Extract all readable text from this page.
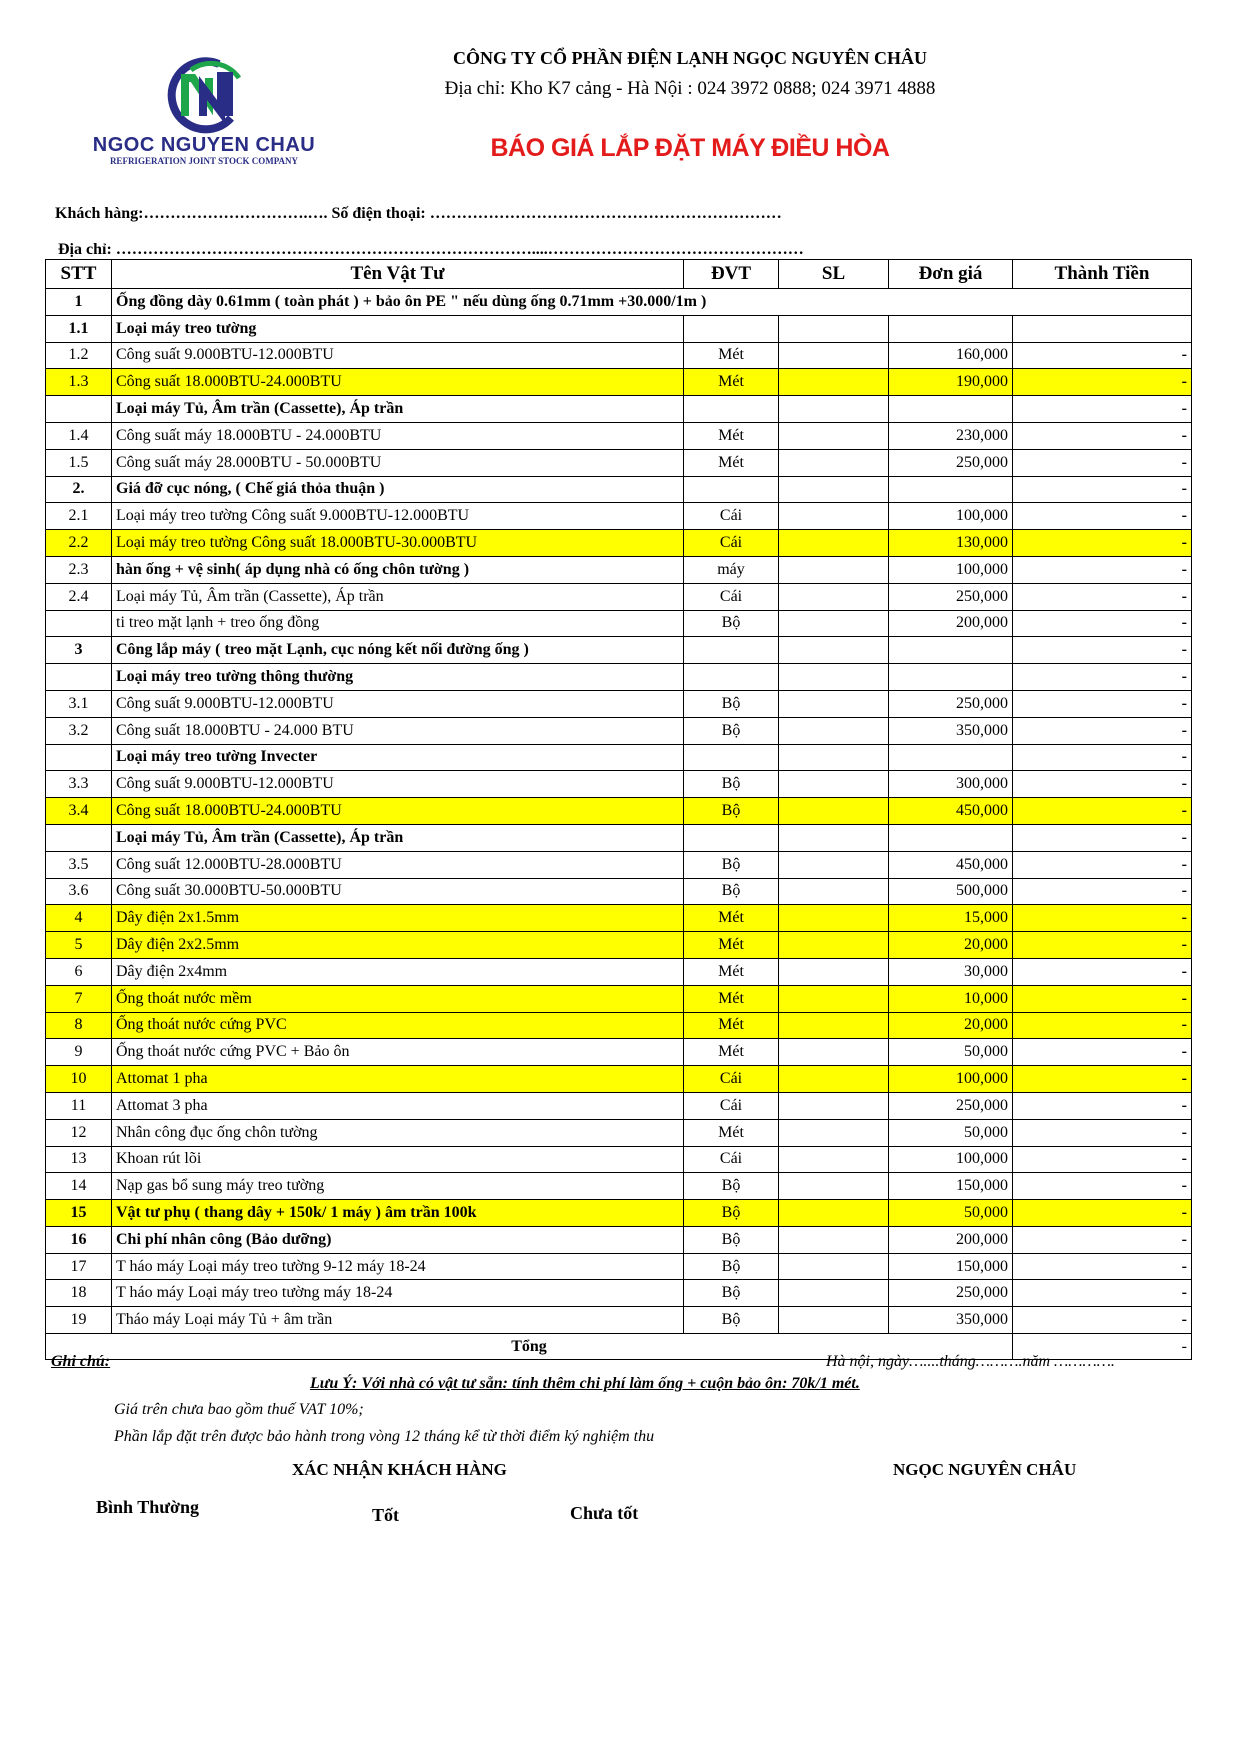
NGOC NGUYEN CHAU
REFRIGERATION JOINT STOCK COMPANY
CÔNG TY CỔ PHẦN ĐIỆN LẠNH NGỌC NGUYÊN CHÂU
Địa chỉ: Kho K7 cảng - Hà Nội : 024 3972 0888; 024 3971 4888
BÁO GIÁ LẮP ĐẶT MÁY ĐIỀU HÒA
Khách hàng:………………………….…. Số điện thoại: …………………………………………………………
Địa chỉ: ……………………………………………………………………....…………………………………………
STT	Tên Vật Tư	ĐVT	SL	Đơn giá	Thành Tiền
1	Ống đồng dày 0.61mm ( toàn phát ) + bảo ôn PE " nếu dùng ống 0.71mm +30.000/1m )				
1.1	Loại máy treo tường				
1.2	Công suất 9.000BTU-12.000BTU	Mét		160,000	-
1.3	Công suất 18.000BTU-24.000BTU	Mét		190,000	-
	Loại máy Tủ, Âm trần (Cassette), Áp trần				-
1.4	Công suất máy 18.000BTU - 24.000BTU	Mét		230,000	-
1.5	Công suất máy 28.000BTU - 50.000BTU	Mét		250,000	-
2.	Giá đỡ cục nóng, ( Chế giá thỏa thuận )				-
2.1	Loại máy treo tường Công suất 9.000BTU-12.000BTU	Cái		100,000	-
2.2	Loại máy treo tường Công suất 18.000BTU-30.000BTU	Cái		130,000	-
2.3	hàn ống + vệ sinh( áp dụng nhà có ống chôn tường )	máy		100,000	-
2.4	Loại máy Tủ, Âm trần (Cassette), Áp trần	Cái		250,000	-
	ti treo mặt lạnh + treo ống đồng	Bộ		200,000	-
3	Công lắp máy ( treo mặt Lạnh, cục nóng kết nối đường ống )				-
	Loại máy treo tường thông thường				-
3.1	Công suất 9.000BTU-12.000BTU	Bộ		250,000	-
3.2	Công suất 18.000BTU - 24.000 BTU	Bộ		350,000	-
	Loại máy treo tường Invecter				-
3.3	Công suất 9.000BTU-12.000BTU	Bộ		300,000	-
3.4	Công suất 18.000BTU-24.000BTU	Bộ		450,000	-
	Loại máy Tủ, Âm trần (Cassette), Áp trần				-
3.5	Công suất 12.000BTU-28.000BTU	Bộ		450,000	-
3.6	Công suất 30.000BTU-50.000BTU	Bộ		500,000	-
4	Dây điện 2x1.5mm	Mét		15,000	-
5	Dây điện 2x2.5mm	Mét		20,000	-
6	Dây điện 2x4mm	Mét		30,000	-
7	Ống thoát nước mềm	Mét		10,000	-
8	Ống thoát nước cứng PVC	Mét		20,000	-
9	Ống thoát nước cứng PVC + Bảo ôn	Mét		50,000	-
10	Attomat 1 pha	Cái		100,000	-
11	Attomat 3 pha	Cái		250,000	-
12	Nhân công đục ống chôn tường	Mét		50,000	-
13	Khoan rút lõi	Cái		100,000	-
14	Nạp gas bổ sung máy treo tường	Bộ		150,000	-
15	Vật tư phụ ( thang dây + 150k/ 1 máy ) âm trần 100k	Bộ		50,000	-
16	Chi phí nhân công (Bảo dưỡng)	Bộ		200,000	-
17	T háo máy Loại máy treo tường 9-12 máy 18-24	Bộ		150,000	-
18	T háo máy Loại máy treo tường máy 18-24	Bộ		250,000	-
19	Tháo máy Loại máy Tủ + âm trần	Bộ		350,000	-
Tổng					-
Ghi chú:	Hà nội, ngày…....tháng……….năm ………….
Lưu Ý: Với nhà có vật tư sẵn: tính thêm chi phí làm ống + cuộn bảo ôn: 70k/1 mét.
Giá trên chưa bao gồm thuế VAT 10%;
Phần lắp đặt trên được bảo hành trong vòng 12 tháng kể từ thời điểm ký nghiệm thu
XÁC NHẬN KHÁCH HÀNG	NGỌC NGUYÊN CHÂU
Bình Thường	Tốt	Chưa tốt
